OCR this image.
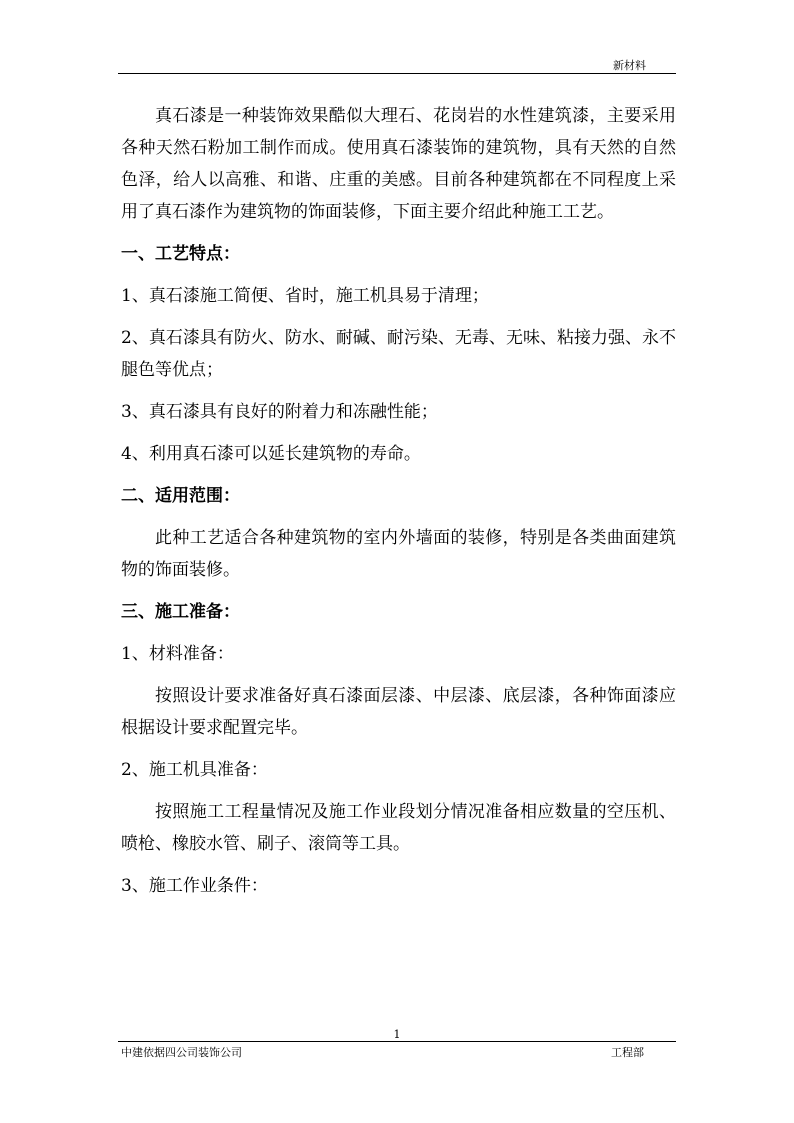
新材料

真石漆是一种装饰效果酷似大理石、花岗岩的水性建筑漆，主要采用各种天然石粉加工制作而成。使用真石漆装饰的建筑物，具有天然的自然色泽，给人以高雅、和谐、庄重的美感。目前各种建筑都在不同程度上采用了真石漆作为建筑物的饰面装修，下面主要介绍此种施工工艺。

一、工艺特点：

1、真石漆施工简便、省时，施工机具易于清理；

2、真石漆具有防火、防水、耐碱、耐污染、无毒、无味、粘接力强、永不腿色等优点；

3、真石漆具有良好的附着力和冻融性能；

4、利用真石漆可以延长建筑物的寿命。

二、适用范围：

此种工艺适合各种建筑物的室内外墙面的装修，特别是各类曲面建筑物的饰面装修。

三、施工准备：

1、材料准备：

按照设计要求准备好真石漆面层漆、中层漆、底层漆，各种饰面漆应根据设计要求配置完毕。

2、施工机具准备：

按照施工工程量情况及施工作业段划分情况准备相应数量的空压机、喷枪、橡胶水管、刷子、滚筒等工具。

3、施工作业条件：

1
中建依据四公司装饰公司	工程部
